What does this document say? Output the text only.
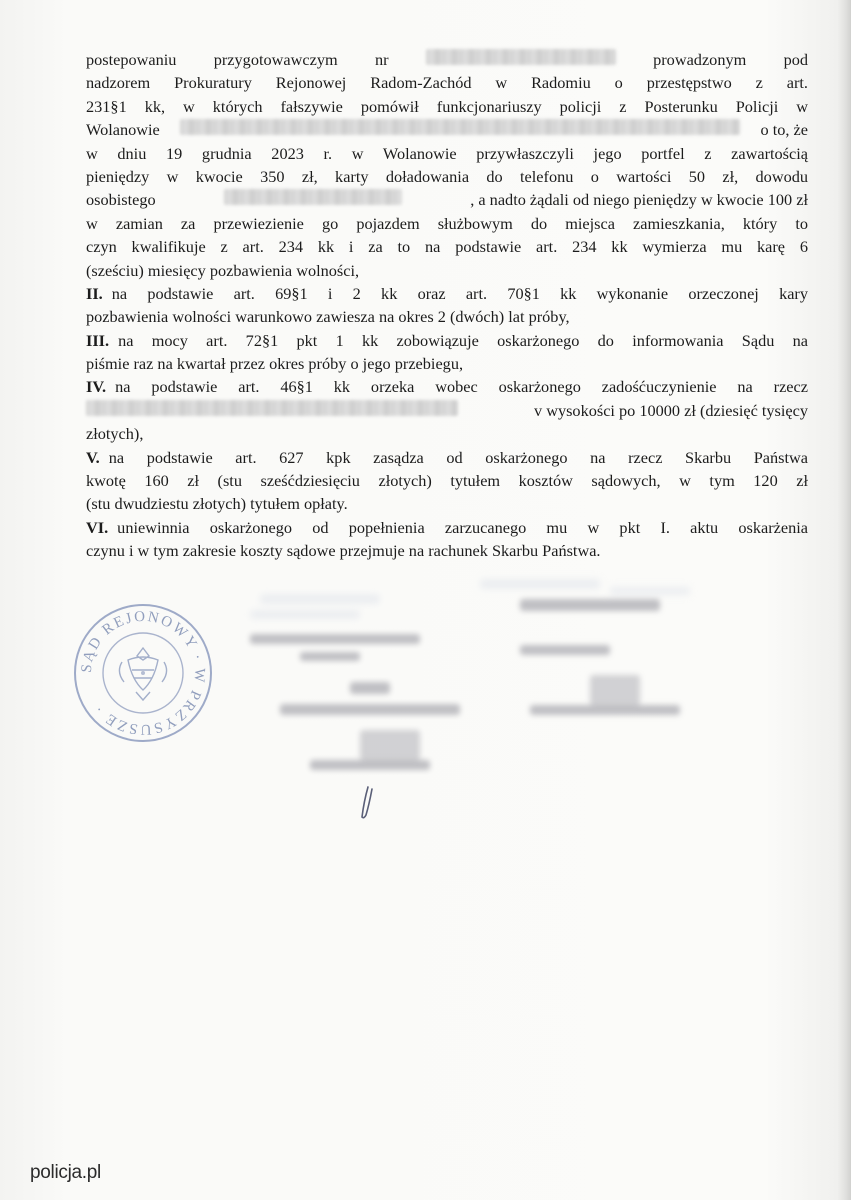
postepowaniu przygotowawczym nr	prowadzonym pod
nadzorem Prokuratury Rejonowej Radom-Zachód w Radomiu o przestępstwo z art.
231§1 kk, w których fałszywie pomówił funkcjonariuszy policji z Posterunku Policji w
Wolanowie	o to, że
w dniu 19 grudnia 2023 r. w Wolanowie przywłaszczyli jego portfel z zawartością
pieniędzy w kwocie 350 zł, karty doładowania do telefonu o wartości 50 zł, dowodu
osobistego	, a nadto żądali od niego pieniędzy w kwocie 100 zł
w zamian za przewiezienie go pojazdem służbowym do miejsca zamieszkania, który to
czyn kwalifikuje z art. 234 kk i za to na podstawie art. 234 kk wymierza mu karę 6
(sześciu) miesięcy pozbawienia wolności,
II. na podstawie art. 69§1 i 2 kk oraz art. 70§1 kk wykonanie orzeczonej kary
pozbawienia wolności warunkowo zawiesza na okres 2 (dwóch) lat próby,
III. na mocy art. 72§1 pkt 1 kk zobowiązuje oskarżonego do informowania Sądu na
piśmie raz na kwartał przez okres próby o jego przebiegu,
IV. na podstawie art. 46§1 kk orzeka wobec oskarżonego zadośćuczynienie na rzecz
v wysokości po 10000 zł (dziesięć tysięcy
złotych),
V. na podstawie art. 627 kpk zasądza od oskarżonego na rzecz Skarbu Państwa
kwotę 160 zł (stu sześćdziesięciu złotych) tytułem kosztów sądowych, w tym 120 zł
(stu dwudziestu złotych) tytułem opłaty.
VI. uniewinnia oskarżonego od popełnienia zarzucanego mu w pkt I. aktu oskarżenia
czynu i w tym zakresie koszty sądowe przejmuje na rachunek Skarbu Państwa.
SĄD REJONOWY · W PRZYSUSZE ·
policja.pl
